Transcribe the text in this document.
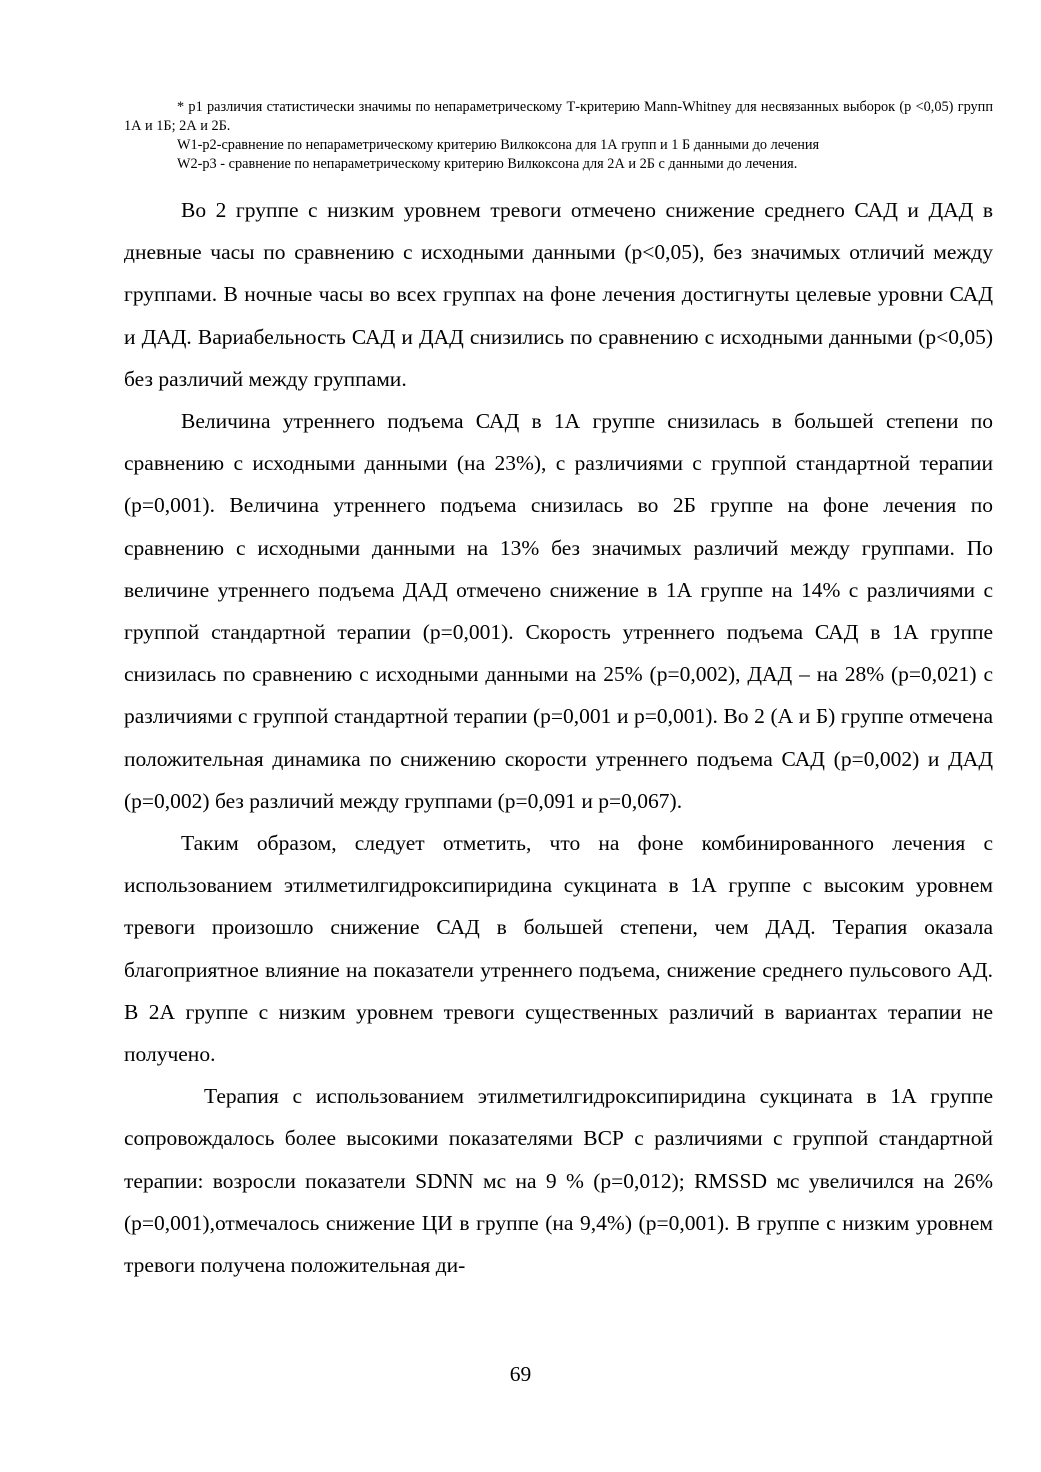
* р1 различия статистически значимы по непараметрическому Т-критерию Mann-Whitney для несвязанных выборок (р <0,05) групп 1А и 1Б; 2А и 2Б.

W1-р2-сравнение по непараметрическому критерию Вилкоксона для 1А групп и 1 Б данными до лечения

W2-р3 - сравнение по непараметрическому критерию Вилкоксона для 2А и 2Б с данными до лечения.

Во 2 группе с низким уровнем тревоги отмечено снижение среднего САД и ДАД в дневные часы по сравнению с исходными данными (р<0,05), без значимых отличий между группами. В ночные часы во всех группах на фоне лечения достигнуты целевые уровни САД и ДАД. Вариабельность САД и ДАД снизились по сравнению с исходными данными (р<0,05) без различий между группами.

Величина утреннего подъема САД в 1А группе снизилась в большей степени по сравнению с исходными данными (на 23%), с различиями с группой стандартной терапии (р=0,001). Величина утреннего подъема снизилась во 2Б группе на фоне лечения по сравнению с исходными данными на 13% без значимых различий между группами. По величине утреннего подъема ДАД отмечено снижение в 1А группе на 14% с различиями с группой стандартной терапии (р=0,001). Скорость утреннего подъема САД в 1А группе снизилась по сравнению с исходными данными на 25% (р=0,002), ДАД – на 28% (р=0,021) с различиями с группой стандартной терапии (р=0,001 и р=0,001). Во 2 (А и Б) группе отмечена положительная динамика по снижению скорости утреннего подъема САД (р=0,002) и ДАД (р=0,002) без различий между группами (р=0,091 и р=0,067).

Таким образом, следует отметить, что на фоне комбинированного лечения с использованием этилметилгидроксипиридина сукцината в 1А группе с высоким уровнем тревоги произошло снижение САД в большей степени, чем ДАД. Терапия оказала благоприятное влияние на показатели утреннего подъема, снижение среднего пульсового АД. В 2А группе с низким уровнем тревоги существенных различий в вариантах терапии не получено.

Терапия с использованием этилметилгидроксипиридина сукцината в 1А группе сопровождалось более высокими показателями ВСР с различиями с группой стандартной терапии: возросли показатели SDNN мс на 9 % (р=0,012); RMSSD мс увеличился на 26% (р=0,001),отмечалось снижение ЦИ в группе (на 9,4%) (р=0,001). В группе с низким уровнем тревоги получена положительная ди-

69
